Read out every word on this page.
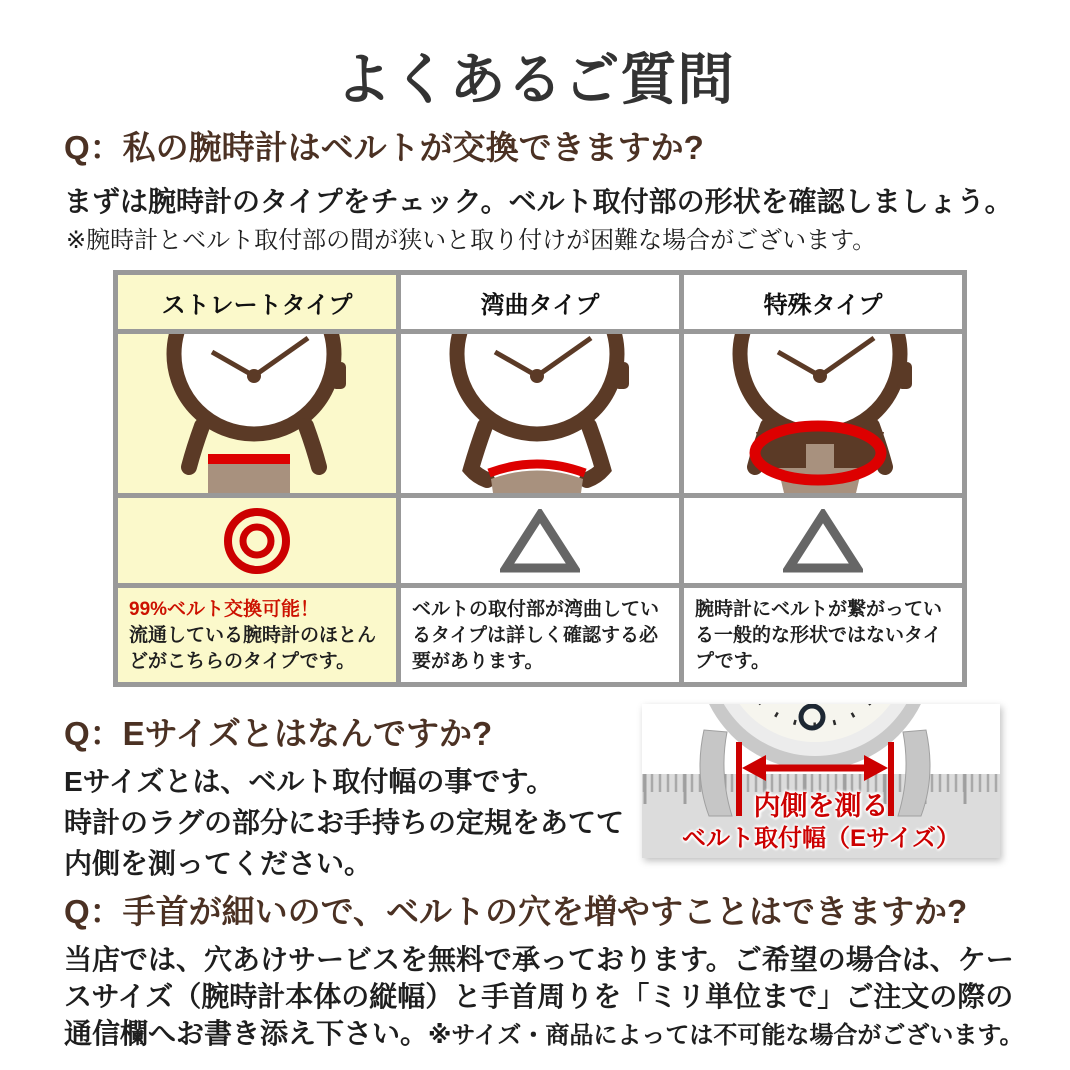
よくあるご質問
Q：私の腕時計はベルトが交換できますか?
まずは腕時計のタイプをチェック。ベルト取付部の形状を確認しましょう。
※腕時計とベルト取付部の間が狭いと取り付けが困難な場合がございます。
ストレートタイプ	湾曲タイプ	特殊タイプ
99%ベルト交換可能！
流通している腕時計のほとんどがこちらのタイプです。
ベルトの取付部が湾曲しているタイプは詳しく確認する必要があります。
腕時計にベルトが繋がっている一般的な形状ではないタイプです。
Q：Eサイズとはなんですか?
Eサイズとは、ベルト取付幅の事です。
時計のラグの部分にお手持ちの定規をあてて
内側を測ってください。
内側を測る
ベルト取付幅（Eサイズ）
Q：手首が細いので、ベルトの穴を増やすことはできますか?
当店では、穴あけサービスを無料で承っております。ご希望の場合は、ケー
スサイズ（腕時計本体の縦幅）と手首周りを「ミリ単位まで」ご注文の際の
通信欄へお書き添え下さい。※サイズ・商品によっては不可能な場合がございます。
